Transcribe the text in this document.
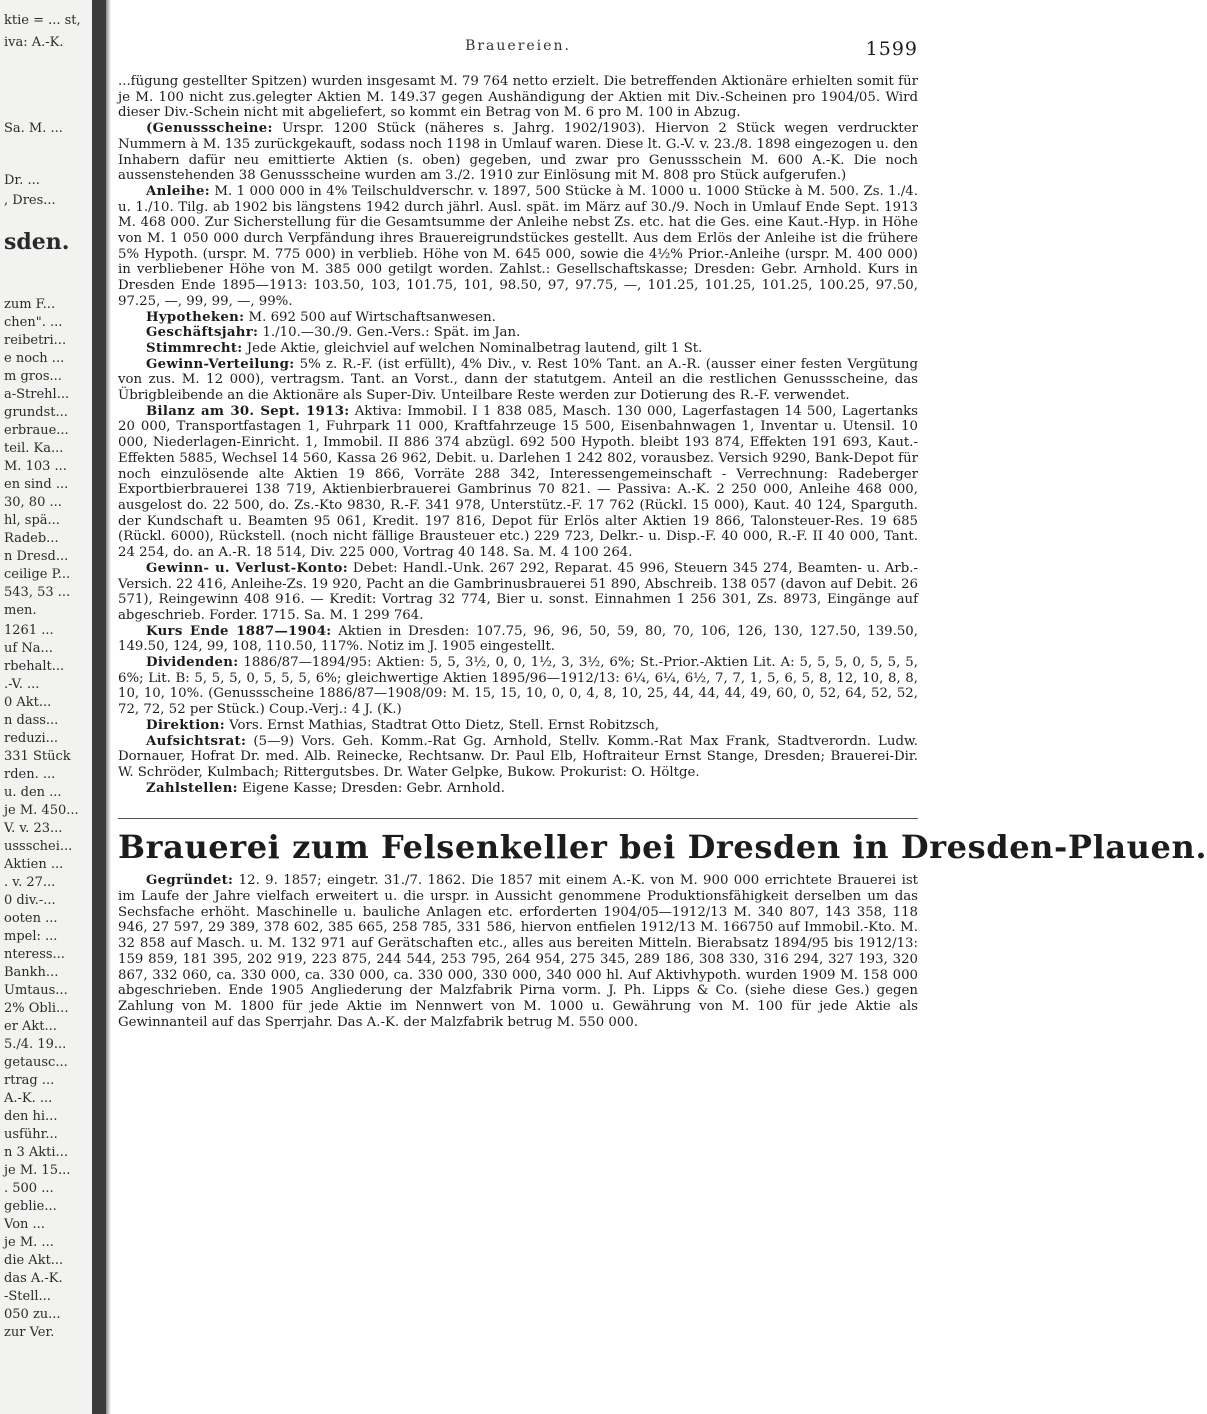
ktie = ... st,
iva: A.-K.
Sa. M. ...
Dr. ...
, Dres...
sden.
zum F...
chen". ...
reibetri...
e noch ...
m gros...
a-Strehl...
grundst...
erbraue...
teil. Ka...
M. 103 ...
en sind ...
30, 80 ...
hl, spä...
Radeb...
n Dresd...
ceilige P...
543, 53 ...
men.
1261 ...
uf Na...
rbehalt...
.-V. ...
0 Akt...
n dass...
reduzi...
331 Stück
rden. ...
u. den ...
je M. 450...
V. v. 23...
ussschei...
Aktien ...
. v. 27...
0 div.-...
ooten ...
mpel: ...
nteress...
Bankh...
Umtaus...
2% Obli...
er Akt...
5./4. 19...
getausc...
rtrag ...
A.-K. ...
den hi...
usführ...
n 3 Akti...
je M. 15...
. 500 ...
geblie...
Von ...
je M. ...
die Akt...
das A.-K.
-Stell...
050 zu...
zur Ver.
Brauereien.	1599

...fügung gestellter Spitzen) wurden insgesamt M. 79 764 netto erzielt. Die betreffenden Aktionäre erhielten somit für je M. 100 nicht zus.gelegter Aktien M. 149.37 gegen Aushändigung der Aktien mit Div.-Scheinen pro 1904/05. Wird dieser Div.-Schein nicht mit abgeliefert, so kommt ein Betrag von M. 6 pro M. 100 in Abzug.

(Genussscheine: Urspr. 1200 Stück (näheres s. Jahrg. 1902/1903). Hiervon 2 Stück wegen verdruckter Nummern à M. 135 zurückgekauft, sodass noch 1198 in Umlauf waren. Diese lt. G.-V. v. 23./8. 1898 eingezogen u. den Inhabern dafür neu emittierte Aktien (s. oben) gegeben, und zwar pro Genussschein M. 600 A.-K. Die noch aussenstehenden 38 Genussscheine wurden am 3./2. 1910 zur Einlösung mit M. 808 pro Stück aufgerufen.)

Anleihe: M. 1 000 000 in 4% Teilschuldverschr. v. 1897, 500 Stücke à M. 1000 u. 1000 Stücke à M. 500. Zs. 1./4. u. 1./10. Tilg. ab 1902 bis längstens 1942 durch jährl. Ausl. spät. im März auf 30./9. Noch in Umlauf Ende Sept. 1913 M. 468 000. Zur Sicherstellung für die Gesamtsumme der Anleihe nebst Zs. etc. hat die Ges. eine Kaut.-Hyp. in Höhe von M. 1 050 000 durch Verpfändung ihres Brauereigrundstückes gestellt. Aus dem Erlös der Anleihe ist die frühere 5% Hypoth. (urspr. M. 775 000) in verblieb. Höhe von M. 645 000, sowie die 4½% Prior.-Anleihe (urspr. M. 400 000) in verbliebener Höhe von M. 385 000 getilgt worden. Zahlst.: Gesellschaftskasse; Dresden: Gebr. Arnhold. Kurs in Dresden Ende 1895—1913: 103.50, 103, 101.75, 101, 98.50, 97, 97.75, —, 101.25, 101.25, 101.25, 100.25, 97.50, 97.25, —, 99, 99, —, 99%.

Hypotheken: M. 692 500 auf Wirtschaftsanwesen.

Geschäftsjahr: 1./10.—30./9. Gen.-Vers.: Spät. im Jan.

Stimmrecht: Jede Aktie, gleichviel auf welchen Nominalbetrag lautend, gilt 1 St.

Gewinn-Verteilung: 5% z. R.-F. (ist erfüllt), 4% Div., v. Rest 10% Tant. an A.-R. (ausser einer festen Vergütung von zus. M. 12 000), vertragsm. Tant. an Vorst., dann der statutgem. Anteil an die restlichen Genussscheine, das Übrigbleibende an die Aktionäre als Super-Div. Unteilbare Reste werden zur Dotierung des R.-F. verwendet.

Bilanz am 30. Sept. 1913: Aktiva: Immobil. I 1 838 085, Masch. 130 000, Lagerfastagen 14 500, Lagertanks 20 000, Transportfastagen 1, Fuhrpark 11 000, Kraftfahrzeuge 15 500, Eisenbahnwagen 1, Inventar u. Utensil. 10 000, Niederlagen-Einricht. 1, Immobil. II 886 374 abzügl. 692 500 Hypoth. bleibt 193 874, Effekten 191 693, Kaut.-Effekten 5885, Wechsel 14 560, Kassa 26 962, Debit. u. Darlehen 1 242 802, vorausbez. Versich 9290, Bank-Depot für noch einzulösende alte Aktien 19 866, Vorräte 288 342, Interessengemeinschaft - Verrechnung: Radeberger Exportbierbrauerei 138 719, Aktienbierbrauerei Gambrinus 70 821. — Passiva: A.-K. 2 250 000, Anleihe 468 000, ausgelost do. 22 500, do. Zs.-Kto 9830, R.-F. 341 978, Unterstütz.-F. 17 762 (Rückl. 15 000), Kaut. 40 124, Sparguth. der Kundschaft u. Beamten 95 061, Kredit. 197 816, Depot für Erlös alter Aktien 19 866, Talonsteuer-Res. 19 685 (Rückl. 6000), Rückstell. (noch nicht fällige Brausteuer etc.) 229 723, Delkr.- u. Disp.-F. 40 000, R.-F. II 40 000, Tant. 24 254, do. an A.-R. 18 514, Div. 225 000, Vortrag 40 148. Sa. M. 4 100 264.

Gewinn- u. Verlust-Konto: Debet: Handl.-Unk. 267 292, Reparat. 45 996, Steuern 345 274, Beamten- u. Arb.-Versich. 22 416, Anleihe-Zs. 19 920, Pacht an die Gambrinusbrauerei 51 890, Abschreib. 138 057 (davon auf Debit. 26 571), Reingewinn 408 916. — Kredit: Vortrag 32 774, Bier u. sonst. Einnahmen 1 256 301, Zs. 8973, Eingänge auf abgeschrieb. Forder. 1715. Sa. M. 1 299 764.

Kurs Ende 1887—1904: Aktien in Dresden: 107.75, 96, 96, 50, 59, 80, 70, 106, 126, 130, 127.50, 139.50, 149.50, 124, 99, 108, 110.50, 117%. Notiz im J. 1905 eingestellt.

Dividenden: 1886/87—1894/95: Aktien: 5, 5, 3½, 0, 0, 1½, 3, 3½, 6%; St.-Prior.-Aktien Lit. A: 5, 5, 5, 0, 5, 5, 5, 6%; Lit. B: 5, 5, 5, 0, 5, 5, 5, 6%; gleichwertige Aktien 1895/96—1912/13: 6¼, 6¼, 6½, 7, 7, 1, 5, 6, 5, 8, 12, 10, 8, 8, 10, 10, 10%. (Genussscheine 1886/87—1908/09: M. 15, 15, 10, 0, 0, 4, 8, 10, 25, 44, 44, 44, 49, 60, 0, 52, 64, 52, 52, 72, 72, 52 per Stück.) Coup.-Verj.: 4 J. (K.)

Direktion: Vors. Ernst Mathias, Stadtrat Otto Dietz, Stell. Ernst Robitzsch,

Aufsichtsrat: (5—9) Vors. Geh. Komm.-Rat Gg. Arnhold, Stellv. Komm.-Rat Max Frank, Stadtverordn. Ludw. Dornauer, Hofrat Dr. med. Alb. Reinecke, Rechtsanw. Dr. Paul Elb, Hoftraiteur Ernst Stange, Dresden; Brauerei-Dir. W. Schröder, Kulmbach; Rittergutsbes. Dr. Water Gelpke, Bukow. Prokurist: O. Höltge.

Zahlstellen: Eigene Kasse; Dresden: Gebr. Arnhold.

Brauerei zum Felsenkeller bei Dresden in Dresden-Plauen.

Gegründet: 12. 9. 1857; eingetr. 31./7. 1862. Die 1857 mit einem A.-K. von M. 900 000 errichtete Brauerei ist im Laufe der Jahre vielfach erweitert u. die urspr. in Aussicht genommene Produktionsfähigkeit derselben um das Sechsfache erhöht. Maschinelle u. bauliche Anlagen etc. erforderten 1904/05—1912/13 M. 340 807, 143 358, 118 946, 27 597, 29 389, 378 602, 385 665, 258 785, 331 586, hiervon entfielen 1912/13 M. 166750 auf Immobil.-Kto. M. 32 858 auf Masch. u. M. 132 971 auf Gerätschaften etc., alles aus bereiten Mitteln. Bierabsatz 1894/95 bis 1912/13: 159 859, 181 395, 202 919, 223 875, 244 544, 253 795, 264 954, 275 345, 289 186, 308 330, 316 294, 327 193, 320 867, 332 060, ca. 330 000, ca. 330 000, ca. 330 000, 330 000, 340 000 hl. Auf Aktivhypoth. wurden 1909 M. 158 000 abgeschrieben. Ende 1905 Angliederung der Malzfabrik Pirna vorm. J. Ph. Lipps & Co. (siehe diese Ges.) gegen Zahlung von M. 1800 für jede Aktie im Nennwert von M. 1000 u. Gewährung von M. 100 für jede Aktie als Gewinnanteil auf das Sperrjahr. Das A.-K. der Malzfabrik betrug M. 550 000.
